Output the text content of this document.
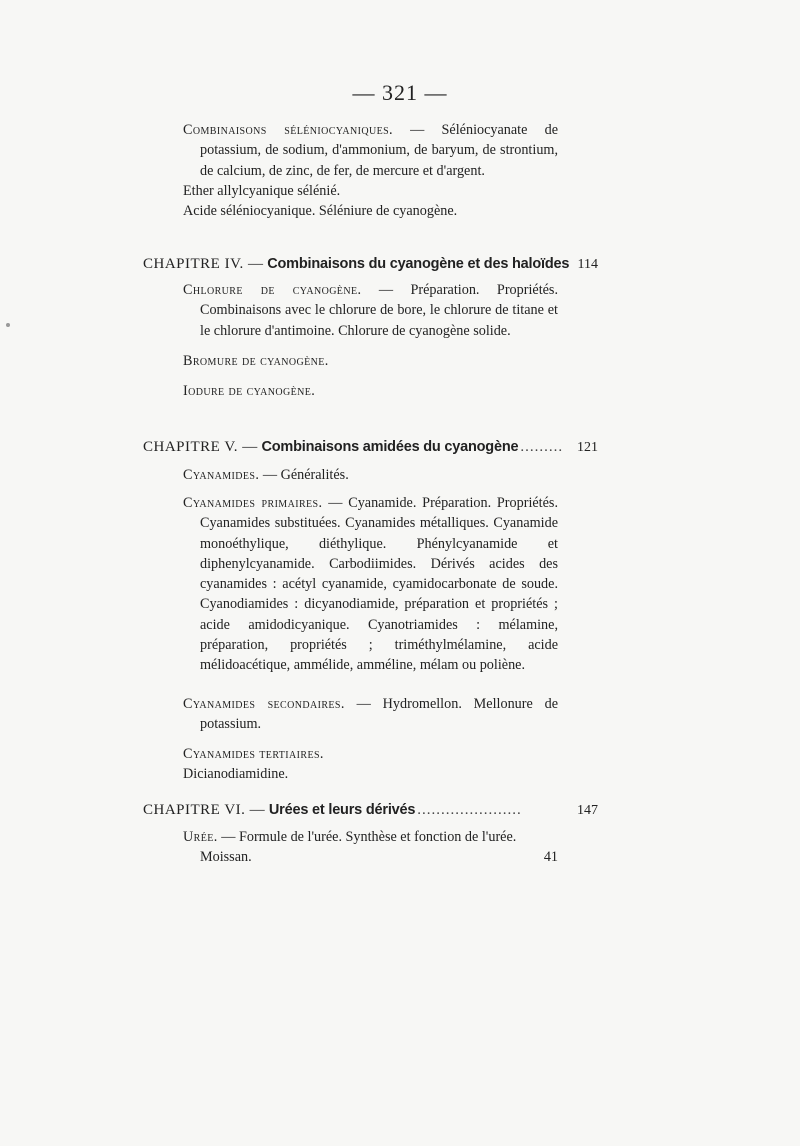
— 321 —

Combinaisons séléniocyaniques. — Séléniocyanate de potassium, de sodium, d'ammonium, de baryum, de strontium, de calcium, de zinc, de fer, de mercure et d'argent.

Ether allylcyanique sélénié.

Acide séléniocyanique. Séléniure de cyanogène.

CHAPITRE IV. —
Combinaisons du cyanogène et des haloïdes 114

Chlorure de cyanogène. — Préparation. Propriétés. Combinaisons avec le chlorure de bore, le chlorure de titane et le chlorure d'antimoine. Chlorure de cyanogène solide.

Bromure de cyanogène.

Iodure de cyanogène.

CHAPITRE V. —
Combinaisons amidées du cyanogène ......... 121

Cyanamides. — Généralités.

Cyanamides primaires. — Cyanamide. Préparation. Propriétés. Cyanamides substituées. Cyanamides métalliques. Cyanamide monoéthylique, diéthylique. Phénylcyanamide et diphenylcyanamide. Carbodiimides. Dérivés acides des cyanamides : acétyl cyanamide, cyamidocarbonate de soude. Cyanodiamides : dicyanodiamide, préparation et propriétés ; acide amidodicyanique. Cyanotriamides : mélamine, préparation, propriétés ; triméthylmélamine, acide mélidoacétique, ammélide, amméline, mélam ou poliène.

Cyanamides secondaires. — Hydromellon. Mellonure de potassium.

Cyanamides tertiaires.

Dicianodiamidine.

CHAPITRE VI. —
Urées et leurs dérivés ......................	147

Urée. — Formule de l'urée. Synthèse et fonction de l'urée.

Moissan.	41
